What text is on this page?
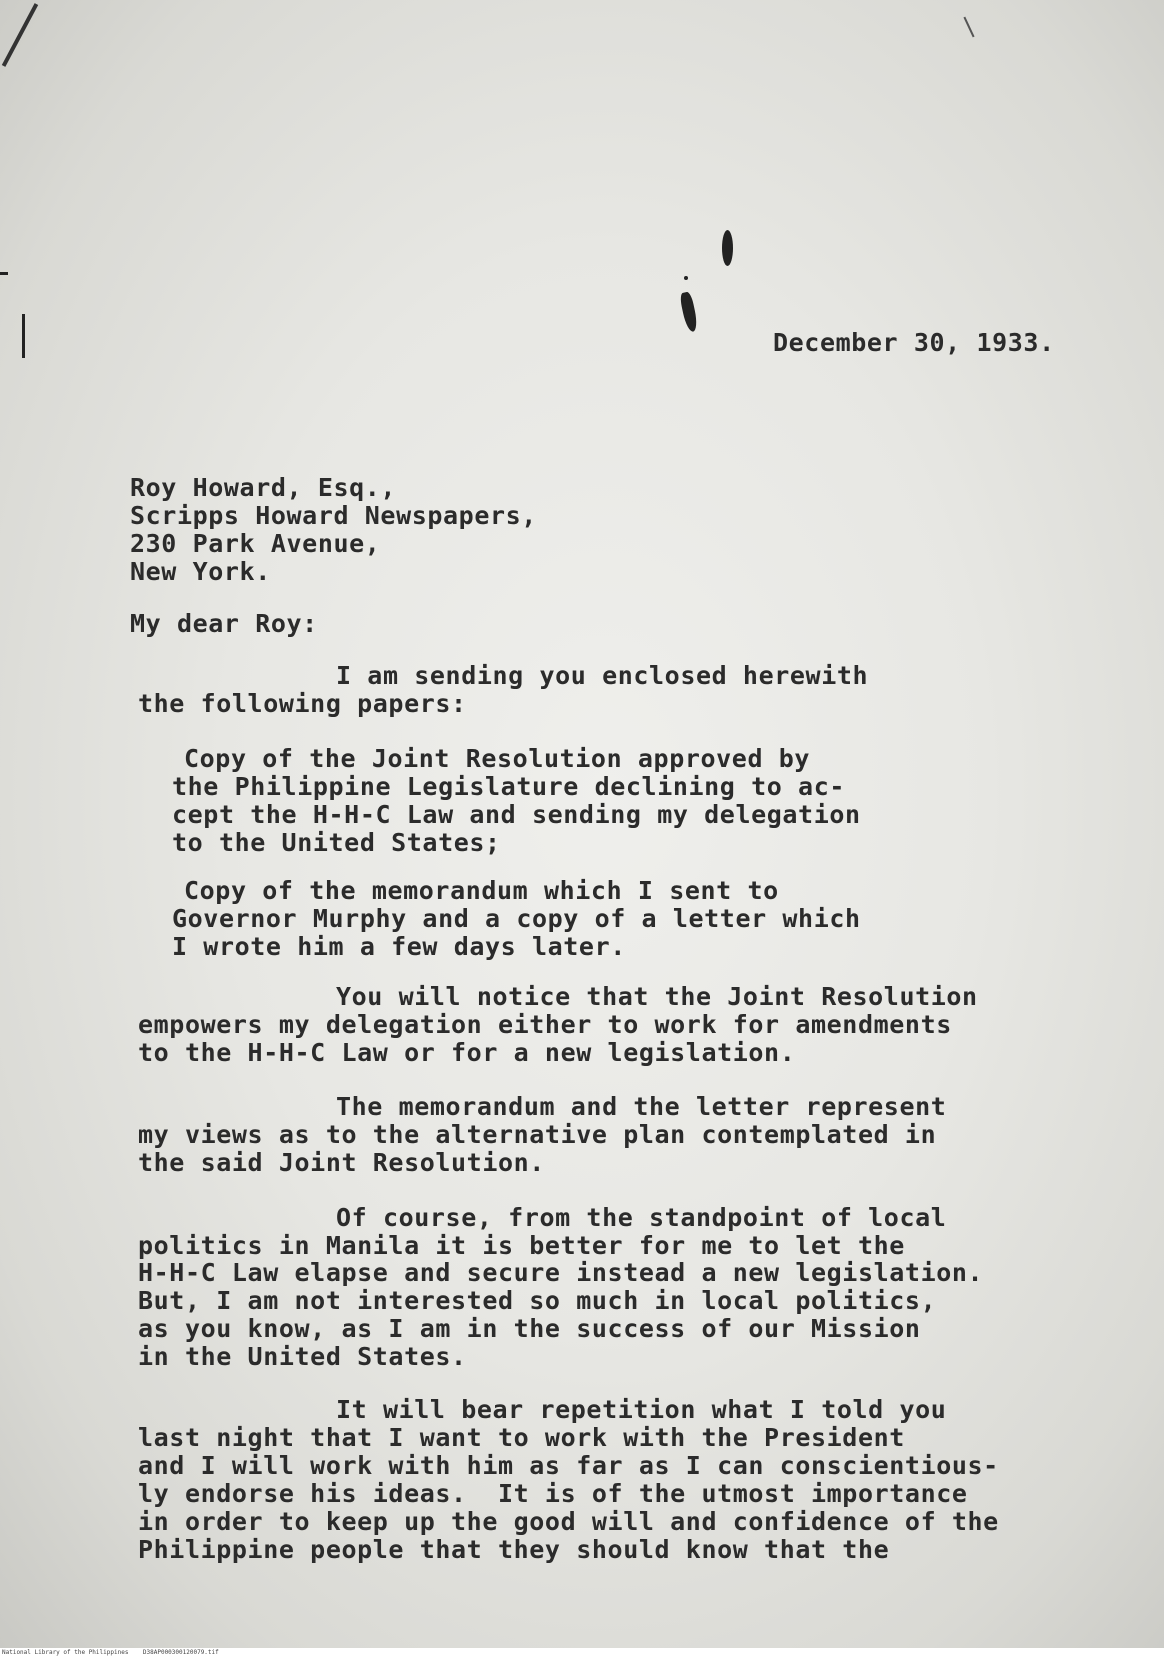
December 30, 1933.
Roy Howard, Esq.,
Scripps Howard Newspapers,
230 Park Avenue,
New York.
My dear Roy:
I am sending you enclosed herewith
the following papers:
Copy of the Joint Resolution approved by
the Philippine Legislature declining to ac-
cept the H-H-C Law and sending my delegation
to the United States;
Copy of the memorandum which I sent to
Governor Murphy and a copy of a letter which
I wrote him a few days later.
You will notice that the Joint Resolution
empowers my delegation either to work for amendments
to the H-H-C Law or for a new legislation.
The memorandum and the letter represent
my views as to the alternative plan contemplated in
the said Joint Resolution.
Of course, from the standpoint of local
politics in Manila it is better for me to let the
H-H-C Law elapse and secure instead a new legislation.
But, I am not interested so much in local politics,
as you know, as I am in the success of our Mission
in the United States.
It will bear repetition what I told you
last night that I want to work with the President
and I will work with him as far as I can conscientious-
ly endorse his ideas.  It is of the utmost importance
in order to keep up the good will and confidence of the
Philippine people that they should know that the
National Library of the Philippines D38AP000300120079.tif
